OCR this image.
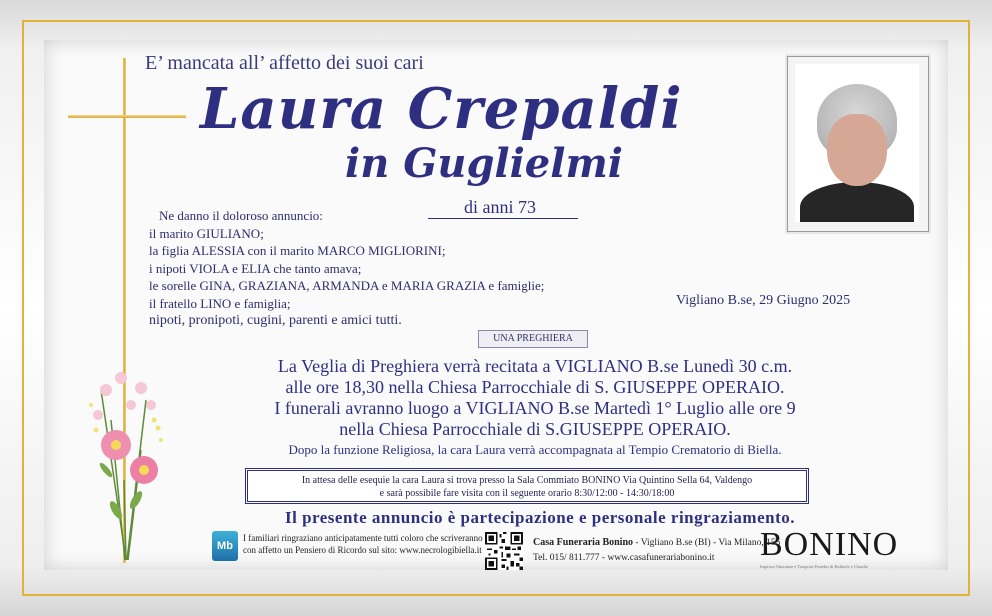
E’ mancata all’ affetto dei suoi cari
Laura Crepaldi
in Guglielmi
di anni 73
Ne danno il doloroso annuncio:
il marito GIULIANO;
la figlia ALESSIA con il marito MARCO MIGLIORINI;
i nipoti VIOLA e ELIA che tanto amava;
le sorelle GINA, GRAZIANA, ARMANDA e MARIA GRAZIA e famiglie;
il fratello LINO e famiglia;
nipoti, pronipoti, cugini, parenti e amici tutti.
Vigliano B.se, 29 Giugno 2025
UNA PREGHIERA
La Veglia di Preghiera verrà recitata a VIGLIANO B.se Lunedì 30 c.m.
alle ore 18,30 nella Chiesa Parrocchiale di S. GIUSEPPE OPERAIO.
I funerali avranno luogo a VIGLIANO B.se Martedì 1° Luglio alle ore 9
nella Chiesa Parrocchiale di S.GIUSEPPE OPERAIO.
Dopo la funzione Religiosa, la cara Laura verrà accompagnata al Tempio Crematorio di Biella.
In attesa delle esequie la cara Laura si trova presso la Sala Commiato BONINO Via Quintino Sella 64, Valdengo
e sarà possibile fare visita con il seguente orario 8:30/12:00 - 14:30/18:00
Il presente annuncio è partecipazione e personale ringraziamento.
Mb
I familiari ringraziano anticipatamente tutti coloro che scriveranno
con affetto un Pensiero di Ricordo sul sito: www.necrologibiella.it
Casa Funeraria Bonino - Vigliano B.se (BI) - Via Milano, 155
Tel. 015/ 811.777 - www.casafunerariabonino.it	BONINO
Impresa Onoranze e Trasporti Funebri di Raffaele e Claudio
